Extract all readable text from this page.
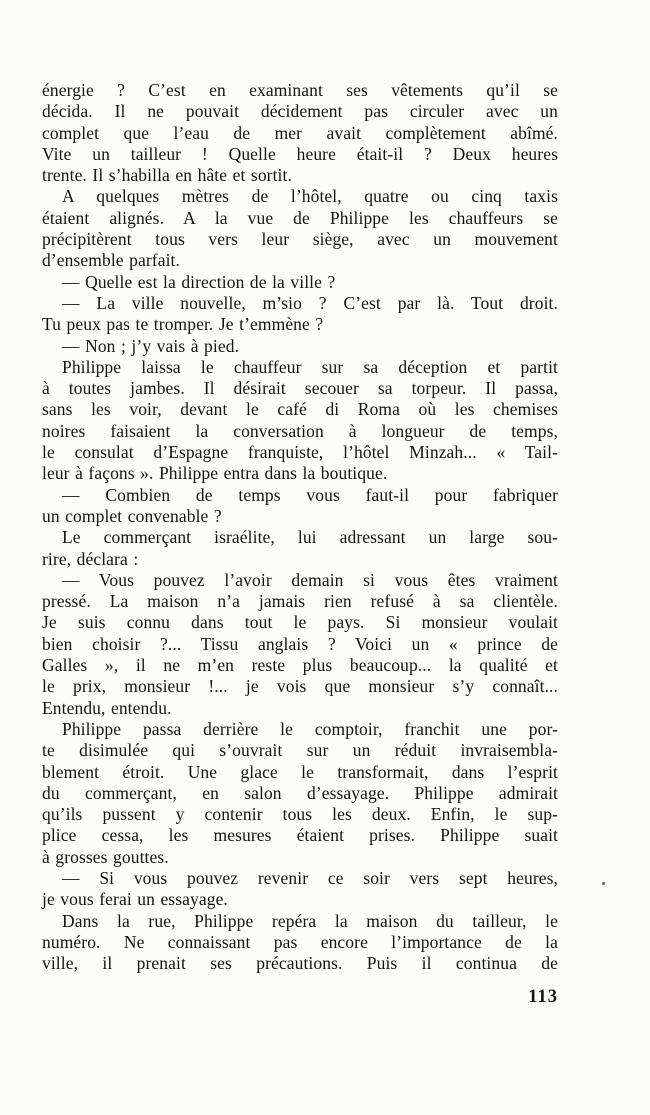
énergie ? C’est en examinant ses vêtements qu’il se
décida. Il ne pouvait décidement pas circuler avec un
complet que l’eau de mer avait complètement abîmé.
Vite un tailleur ! Quelle heure était-il ? Deux heures
trente. Il s’habilla en hâte et sortit.
A quelques mètres de l’hôtel, quatre ou cinq taxis
étaient alignés. A la vue de Philippe les chauffeurs se
précipitèrent tous vers leur siège, avec un mouvement
d’ensemble parfait.
— Quelle est la direction de la ville ?
— La ville nouvelle, m’sio ? C’est par là. Tout droit.
Tu peux pas te tromper. Je t’emmène ?
— Non ; j’y vais à pied.
Philippe laissa le chauffeur sur sa déception et partit
à toutes jambes. Il désirait secouer sa torpeur. Il passa,
sans les voir, devant le café di Roma où les chemises
noires faisaient la conversation à longueur de temps,
le consulat d’Espagne franquiste, l’hôtel Minzah... « Tail-
leur à façons ». Philippe entra dans la boutique.
— Combien de temps vous faut-il pour fabriquer
un complet convenable ?
Le commerçant israélite, lui adressant un large sou-
rire, déclara :
— Vous pouvez l’avoir demain si vous êtes vraiment
pressé. La maison n’a jamais rien refusé à sa clientèle.
Je suis connu dans tout le pays. Si monsieur voulait
bien choisir ?... Tissu anglais ? Voici un « prince de
Galles », il ne m’en reste plus beaucoup... la qualité et
le prix, monsieur !... je vois que monsieur s’y connaît...
Entendu, entendu.
Philippe passa derrière le comptoir, franchit une por-
te disimulée qui s’ouvrait sur un réduit invraisembla-
blement étroit. Une glace le transformait, dans l’esprit
du commerçant, en salon d’essayage. Philippe admirait
qu’ils pussent y contenir tous les deux. Enfin, le sup-
plice cessa, les mesures étaient prises. Philippe suait
à grosses gouttes.
— Si vous pouvez revenir ce soir vers sept heures,
je vous ferai un essayage.
Dans la rue, Philippe repéra la maison du tailleur, le
numéro. Ne connaissant pas encore l’importance de la
ville, il prenait ses précautions. Puis il continua de
113
